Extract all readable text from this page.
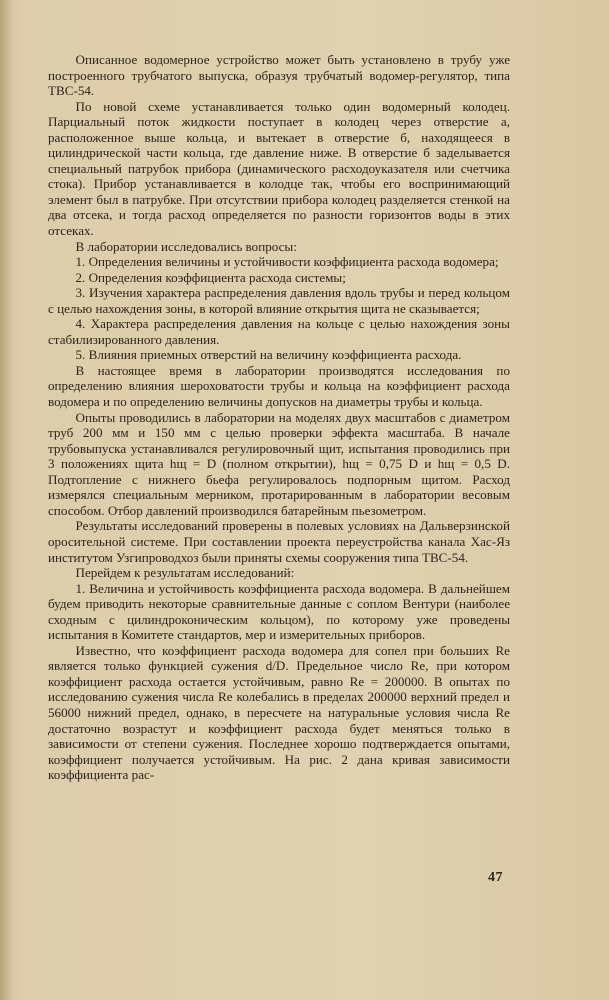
Описанное водомерное устройство может быть установлено в трубу уже построенного трубчатого выпуска, образуя трубчатый водомер-регулятор, типа ТВС-54.

По новой схеме устанавливается только один водомерный колодец. Парциальный поток жидкости поступает в колодец через отверстие а, расположенное выше кольца, и вытекает в отверстие б, находящееся в цилиндрической части кольца, где давление ниже. В отверстие б заделывается специальный патрубок прибора (динамического расходоуказателя или счетчика стока). Прибор устанавливается в колодце так, чтобы его воспринимающий элемент был в патрубке. При отсутствии прибора колодец разделяется стенкой на два отсека, и тогда расход определяется по разности горизонтов воды в этих отсеках.

В лаборатории исследовались вопросы:

1. Определения величины и устойчивости коэффициента расхода водомера;

2. Определения коэффициента расхода системы;

3. Изучения характера распределения давления вдоль трубы и перед кольцом с целью нахождения зоны, в которой влияние открытия щита не сказывается;

4. Характера распределения давления на кольце с целью нахождения зоны стабилизированного давления.

5. Влияния приемных отверстий на величину коэффициента расхода.

В настоящее время в лаборатории производятся исследования по определению влияния шероховатости трубы и кольца на коэффициент расхода водомера и по определению величины допусков на диаметры трубы и кольца.

Опыты проводились в лаборатории на моделях двух масштабов с диаметром труб 200 мм и 150 мм с целью проверки эффекта масштаба. В начале трубовыпуска устанавливался регулировочный щит, испытания проводились при 3 положениях щита hщ = D (полном открытии), hщ = 0,75 D и hщ = 0,5 D. Подтопление с нижнего бьефа регулировалось подпорным щитом. Расход измерялся специальным мерником, протарированным в лаборатории весовым способом. Отбор давлений производился батарейным пьезометром.

Результаты исследований проверены в полевых условиях на Дальверзинской оросительной системе. При составлении проекта переустройства канала Хас-Яз институтом Узгипроводхоз были приняты схемы сооружения типа ТВС-54.

Перейдем к результатам исследований:

1. Величина и устойчивость коэффициента расхода водомера. В дальнейшем будем приводить некоторые сравнительные данные с соплом Вентури (наиболее сходным с цилиндроконическим кольцом), по которому уже проведены испытания в Комитете стандартов, мер и измерительных приборов.

Известно, что коэффициент расхода водомера для сопел при больших Re является только функцией сужения d/D. Предельное число Re, при котором коэффициент расхода остается устойчивым, равно Re = 200000. В опытах по исследованию сужения числа Re колебались в пределах 200000 верхний предел и 56000 нижний предел, однако, в пересчете на натуральные условия числа Re достаточно возрастут и коэффициент расхода будет меняться только в зависимости от степени сужения. Последнее хорошо подтверждается опытами, коэффициент получается устойчивым. На рис. 2 дана кривая зависимости коэффициента рас-

47
